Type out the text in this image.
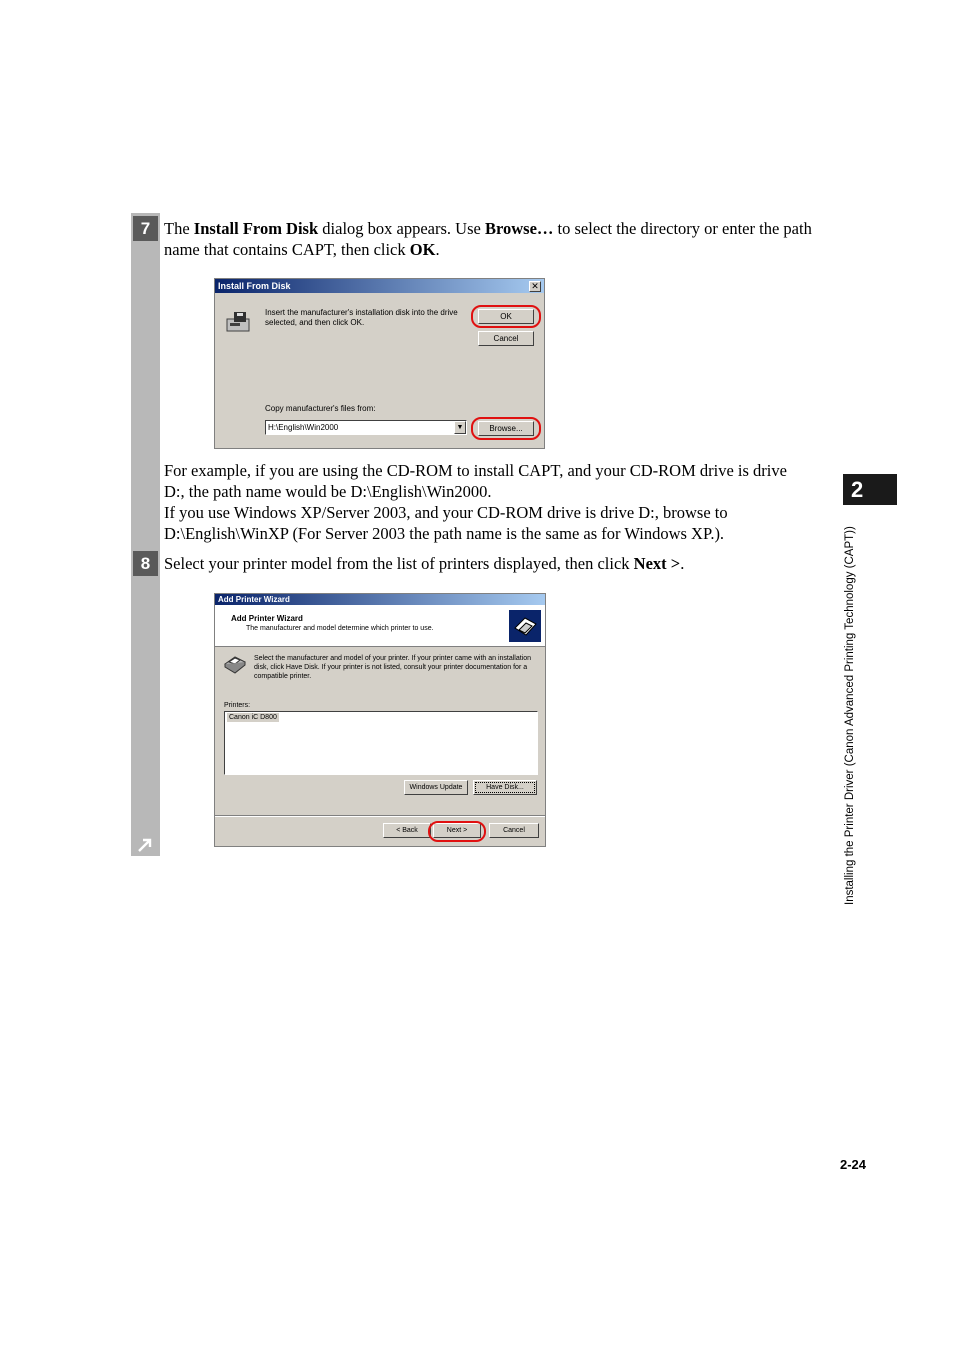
7
8
The Install From Disk dialog box appears. Use Browse… to select the directory or enter the path name that contains CAPT, then click OK.
Install From Disk	✕
Insert the manufacturer's installation disk into the drive selected, and then click OK.
OK
Cancel
Copy manufacturer's files from:
H:\English\Win2000	▼	Browse...
For example, if you are using the CD-ROM to install CAPT, and your CD-ROM drive is drive D:, the path name would be D:\English\Win2000.
If you use Windows XP/Server 2003, and your CD-ROM drive is drive D:, browse to D:\English\WinXP (For Server 2003 the path name is the same as for Windows XP.).
Select your printer model from the list of printers displayed, then click Next >.
Add Printer Wizard
Add Printer Wizard
The manufacturer and model determine which printer to use.
Select the manufacturer and model of your printer. If your printer came with an installation disk, click Have Disk. If your printer is not listed, consult your printer documentation for a compatible printer.
Printers:
Canon iC D800
Windows Update	Have Disk...
< Back	Next >	Cancel
2
Installing the Printer Driver (Canon Advanced Printing Technology (CAPT))
2-24
